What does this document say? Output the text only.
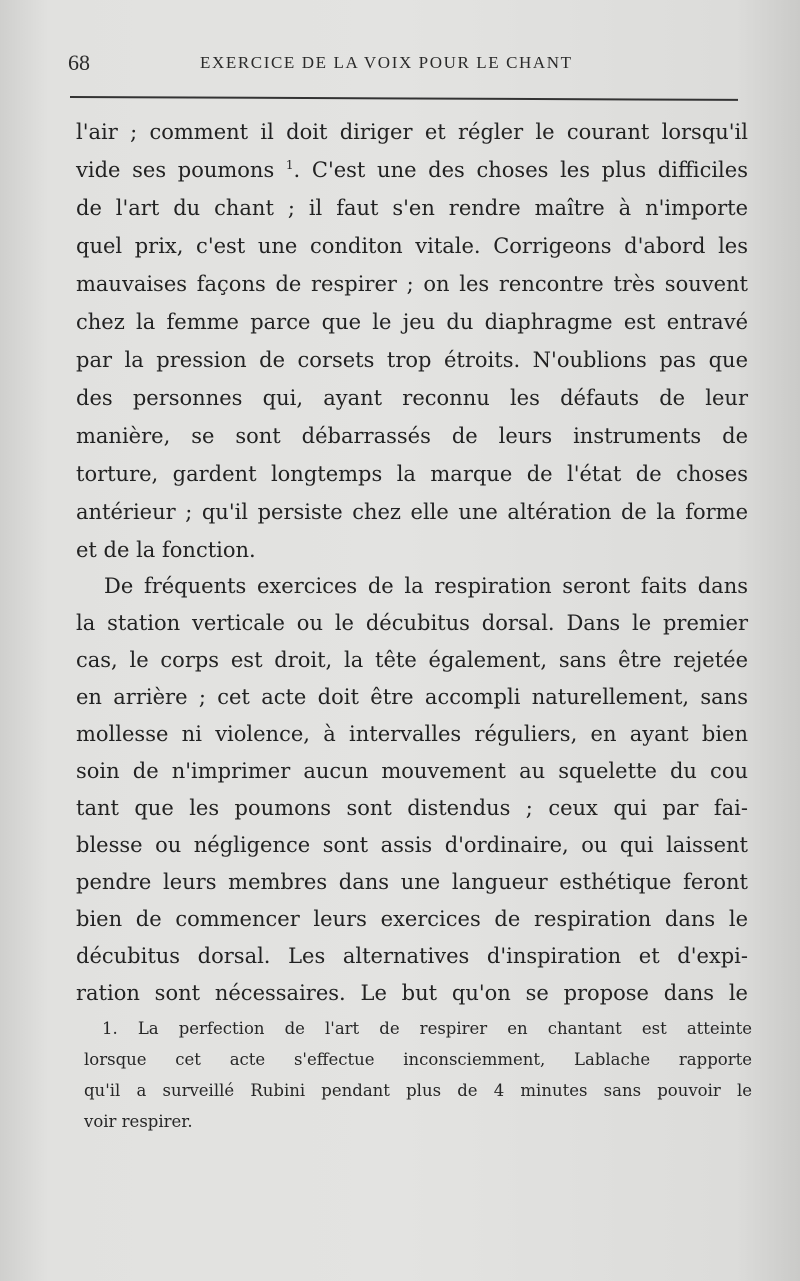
68	EXERCICE DE LA VOIX POUR LE CHANT
l'air ; comment il doit diriger et régler le courant lorsqu'il
vide ses poumons $^1$. C'est une des choses les plus difficiles
de l'art du chant ; il faut s'en rendre maître à n'importe
quel prix, c'est une conditon vitale. Corrigeons d'abord les
mauvaises façons de respirer ; on les rencontre très souvent
chez la femme parce que le jeu du diaphragme est entravé
par la pression de corsets trop étroits. N'oublions pas que
des personnes qui, ayant reconnu les défauts de leur
manière, se sont débarrassés de leurs instruments de
torture, gardent longtemps la marque de l'état de choses
antérieur ; qu'il persiste chez elle une altération de la forme
et de la fonction.
De fréquents exercices de la respiration seront faits dans
la station verticale ou le décubitus dorsal. Dans le premier
cas, le corps est droit, la tête également, sans être rejetée
en arrière ; cet acte doit être accompli naturellement, sans
mollesse ni violence, à intervalles réguliers, en ayant bien
soin de n'imprimer aucun mouvement au squelette du cou
tant que les poumons sont distendus ; ceux qui par fai-
blesse ou négligence sont assis d'ordinaire, ou qui laissent
pendre leurs membres dans une langueur esthétique feront
bien de commencer leurs exercices de respiration dans le
décubitus dorsal. Les alternatives d'inspiration et d'expi-
ration sont nécessaires. Le but qu'on se propose dans le
1. La perfection de l'art de respirer en chantant est atteinte
lorsque cet acte s'effectue inconsciemment, Lablache rapporte
qu'il a surveillé Rubini pendant plus de 4 minutes sans pouvoir le
voir respirer.
